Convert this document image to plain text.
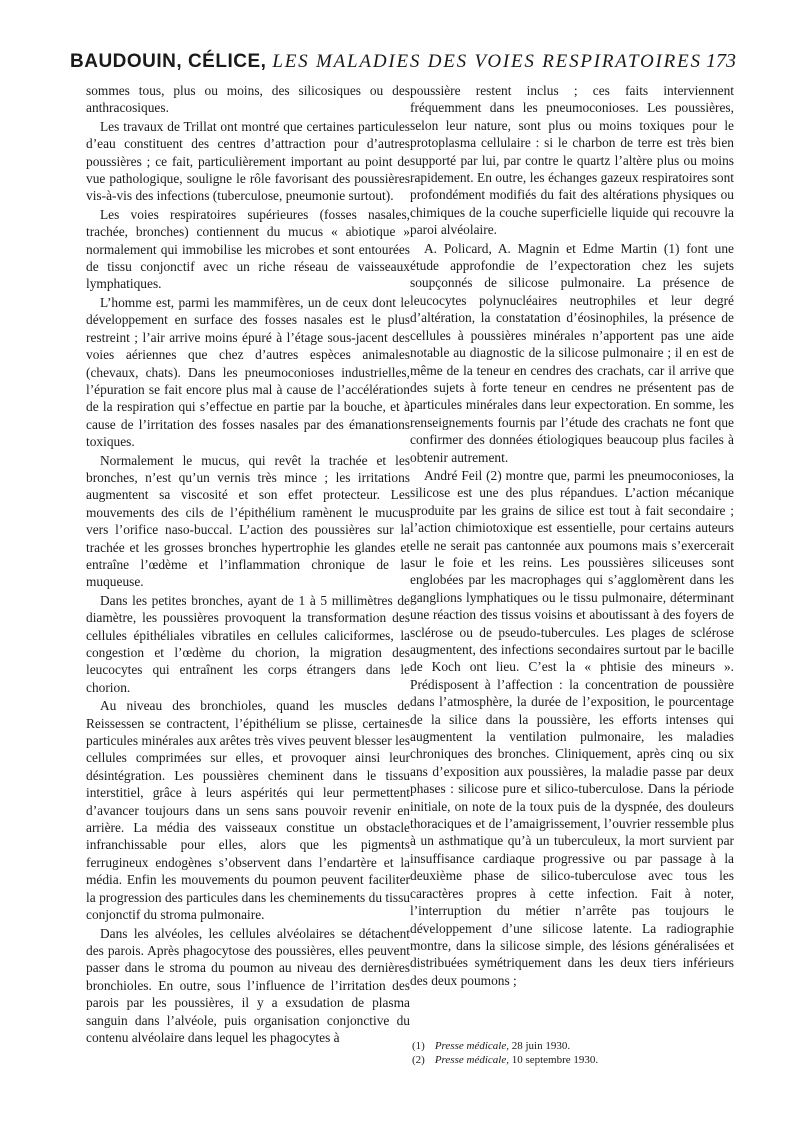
BAUDOUIN, CÉLICE, LES MALADIES DES VOIES RESPIRATOIRES 173

sommes tous, plus ou moins, des silicosiques ou des anthracosiques.

Les travaux de Trillat ont montré que certaines particules d’eau constituent des centres d’attraction pour d’autres poussières ; ce fait, particulièrement important au point de vue pathologique, souligne le rôle favorisant des poussières vis-à-vis des infections (tuberculose, pneumonie surtout).

Les voies respiratoires supérieures (fosses nasales, trachée, bronches) contiennent du mucus « abiotique » normalement qui immobilise les microbes et sont entourées de tissu conjonctif avec un riche réseau de vaisseaux lymphatiques.

L’homme est, parmi les mammifères, un de ceux dont le développement en surface des fosses nasales est le plus restreint ; l’air arrive moins épuré à l’étage sous-jacent des voies aériennes que chez d’autres espèces animales (chevaux, chats). Dans les pneumoconioses industrielles, l’épuration se fait encore plus mal à cause de l’accélération de la respiration qui s’effectue en partie par la bouche, et à cause de l’irritation des fosses nasales par des émanations toxiques.

Normalement le mucus, qui revêt la trachée et les bronches, n’est qu’un vernis très mince ; les irritations augmentent sa viscosité et son effet protecteur. Les mouvements des cils de l’épithélium ramènent le mucus vers l’orifice naso-buccal. L’action des poussières sur la trachée et les grosses bronches hypertrophie les glandes et entraîne l’œdème et l’inflammation chronique de la muqueuse.

Dans les petites bronches, ayant de 1 à 5 millimètres de diamètre, les poussières provoquent la transformation des cellules épithéliales vibratiles en cellules caliciformes, la congestion et l’œdème du chorion, la migration des leucocytes qui entraînent les corps étrangers dans le chorion.

Au niveau des bronchioles, quand les muscles de Reissessen se contractent, l’épithélium se plisse, certaines particules minérales aux arêtes très vives peuvent blesser les cellules comprimées sur elles, et provoquer ainsi leur désintégration. Les poussières cheminent dans le tissu interstitiel, grâce à leurs aspérités qui leur permettent d’avancer toujours dans un sens sans pouvoir revenir en arrière. La média des vaisseaux constitue un obstacle infranchissable pour elles, alors que les pigments ferrugineux endogènes s’observent dans l’endartère et la média. Enfin les mouvements du poumon peuvent faciliter la progression des particules dans les cheminements du tissu conjonctif du stroma pulmonaire.

Dans les alvéoles, les cellules alvéolaires se détachent des parois. Après phagocytose des poussières, elles peuvent passer dans le stroma du poumon au niveau des dernières bronchioles. En outre, sous l’influence de l’irritation des parois par les poussières, il y a exsudation de plasma sanguin dans l’alvéole, puis organisation conjonctive du contenu alvéolaire dans lequel les phagocytes à

poussière restent inclus ; ces faits interviennent fréquemment dans les pneumoconioses. Les poussières, selon leur nature, sont plus ou moins toxiques pour le protoplasma cellulaire : si le charbon de terre est très bien supporté par lui, par contre le quartz l’altère plus ou moins rapidement. En outre, les échanges gazeux respiratoires sont profondément modifiés du fait des altérations physiques ou chimiques de la couche superficielle liquide qui recouvre la paroi alvéolaire.

A. Policard, A. Magnin et Edme Martin (1) font une étude approfondie de l’expectoration chez les sujets soupçonnés de silicose pulmonaire. La présence de leucocytes polynucléaires neutrophiles et leur degré d’altération, la constatation d’éosinophiles, la présence de cellules à poussières minérales n’apportent pas une aide notable au diagnostic de la silicose pulmonaire ; il en est de même de la teneur en cendres des crachats, car il arrive que des sujets à forte teneur en cendres ne présentent pas de particules minérales dans leur expectoration. En somme, les renseignements fournis par l’étude des crachats ne font que confirmer des données étiologiques beaucoup plus faciles à obtenir autrement.

André Feil (2) montre que, parmi les pneumoconioses, la silicose est une des plus répandues. L’action mécanique produite par les grains de silice est tout à fait secondaire ; l’action chimiotoxique est essentielle, pour certains auteurs elle ne serait pas cantonnée aux poumons mais s’exercerait sur le foie et les reins. Les poussières siliceuses sont englobées par les macrophages qui s’agglomèrent dans les ganglions lymphatiques ou le tissu pulmonaire, déterminant une réaction des tissus voisins et aboutissant à des foyers de sclérose ou de pseudo-tubercules. Les plages de sclérose augmentent, des infections secondaires surtout par le bacille de Koch ont lieu. C’est la « phtisie des mineurs ». Prédisposent à l’affection : la concentration de poussière dans l’atmosphère, la durée de l’exposition, le pourcentage de la silice dans la poussière, les efforts intenses qui augmentent la ventilation pulmonaire, les maladies chroniques des bronches. Cliniquement, après cinq ou six ans d’exposition aux poussières, la maladie passe par deux phases : silicose pure et silico-tuberculose. Dans la période initiale, on note de la toux puis de la dyspnée, des douleurs thoraciques et de l’amaigrissement, l’ouvrier ressemble plus à un asthmatique qu’à un tuberculeux, la mort survient par insuffisance cardiaque progressive ou par passage à la deuxième phase de silico-tuberculose avec tous les caractères propres à cette infection. Fait à noter, l’interruption du métier n’arrête pas toujours le développement d’une silicose latente. La radiographie montre, dans la silicose simple, des lésions généralisées et distribuées symétriquement dans les deux tiers inférieurs des deux poumons ;

(1) Presse médicale, 28 juin 1930.
(2) Presse médicale, 10 septembre 1930.
